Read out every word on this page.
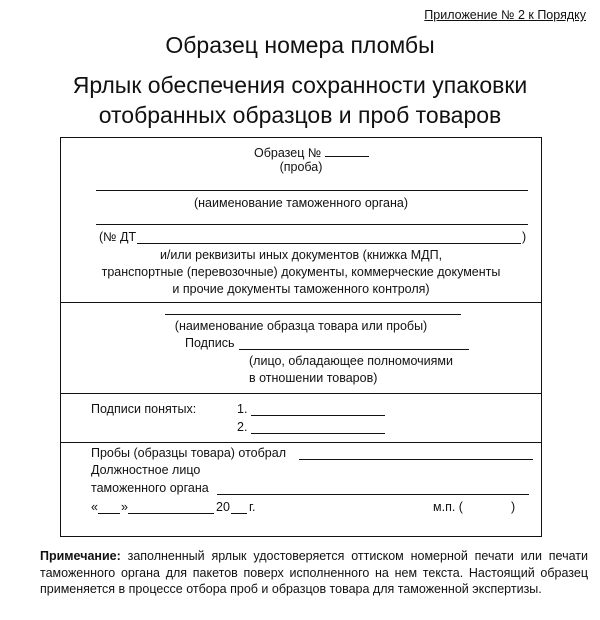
Приложение № 2 к Порядку
Образец номера пломбы
Ярлык обеспечения сохранности упаковки
отобранных образцов и проб товаров
Образец №
(проба)
(наименование таможенного органа)
(№ ДТ	)
и/или реквизиты иных документов (книжка МДП,
транспортные (перевозочные) документы, коммерческие документы
и прочие документы таможенного контроля)
(наименование образца товара или пробы)
Подпись
(лицо, обладающее полномочиями
в отношении товаров)
Подписи понятых:	1.
2.
Пробы (образцы товара) отобрал
Должностное лицо
таможенного органа
« »	20 г.	м.п. (	)
Примечание: заполненный ярлык удостоверяется оттиском номерной печати или печати таможенного органа для пакетов поверх исполненного на нем текста. Настоящий образец применяется в процессе отбора проб и образцов товара для таможенной экспертизы.
